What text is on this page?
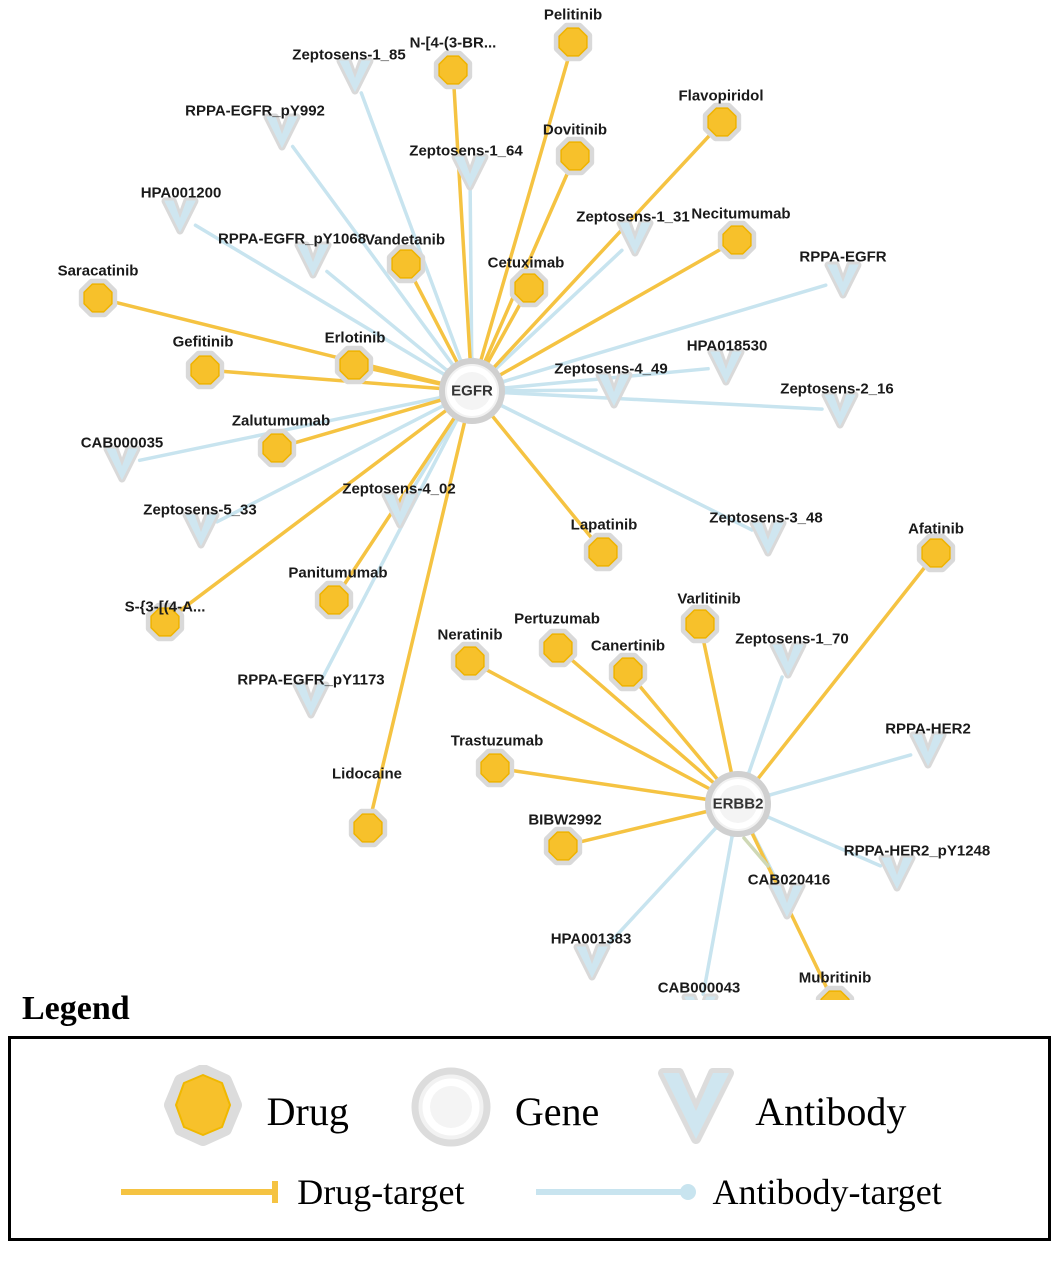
Pelitinib
N-[4-(3-BR...
Flavopiridol
Dovitinib
Necitumumab
Vandetanib
Cetuximab
Saracatinib
Erlotinib
Gefitinib
Zalutumumab
Lapatinib	Afatinib
Panitumumab
Varlitinib
S-{3-[(4-A...
Pertuzumab
Neratinib
Canertinib
Trastuzumab
Lidocaine
BIBW2992
Mubritinib
Zeptosens-1_85
RPPA-EGFR_pY992
Zeptosens-1_64
HPA001200
Zeptosens-1_31
RPPA-EGFR_pY1068
RPPA-EGFR
HPA018530
Zeptosens-4_49
Zeptosens-2_16
CAB000035
Zeptosens-4_02
Zeptosens-5_33	Zeptosens-3_48
Zeptosens-1_70
RPPA-EGFR_pY1173
RPPA-HER2
RPPA-HER2_pY1248
CAB020416
HPA001383
CAB000043
EGFR
ERBB2
Legend
Drug	Gene	Antibody
Drug-target	Antibody-target
